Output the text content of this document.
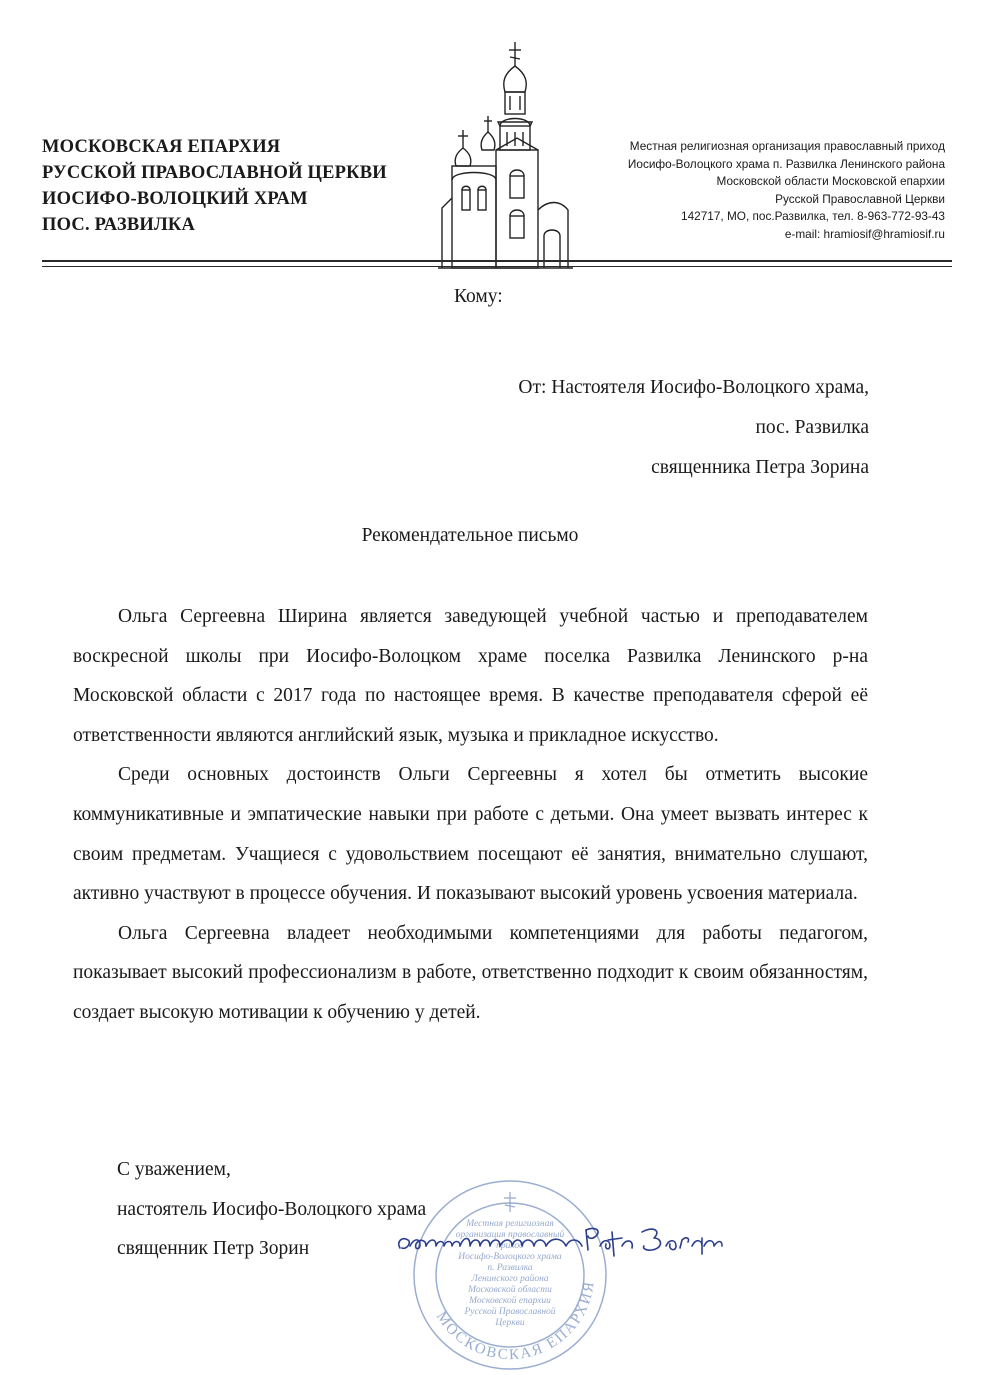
МОСКОВСКАЯ ЕПАРХИЯ
РУССКОЙ ПРАВОСЛАВНОЙ ЦЕРКВИ
ИОСИФО-ВОЛОЦКИЙ ХРАМ
ПОС. РАЗВИЛКА
Местная религиозная организация православный приход
Иосифо-Волоцкого храма п. Развилка Ленинского района
Московской области Московской епархии
Русской Православной Церкви
142717, МО, пос.Развилка, тел. 8-963-772-93-43
e-mail: hramiosif@hramiosif.ru
Кому:
От: Настоятеля Иосифо-Волоцкого храма,
пос. Развилка
священника Петра Зорина
Рекомендательное письмо

Ольга Сергеевна Ширина является заведующей учебной частью и преподавателем воскресной школы при Иосифо-Волоцком храме поселка Развилка Ленинского р-на Московской области с 2017 года по настоящее время. В качестве преподавателя сферой её ответственности являются английский язык, музыка и прикладное искусство.

Среди основных достоинств Ольги Сергеевны я хотел бы отметить высокие коммуникативные и эмпатические навыки при работе с детьми. Она умеет вызвать интерес к своим предметам. Учащиеся с удовольствием посещают её занятия, внимательно слушают, активно участвуют в процессе обучения. И показывают высокий уровень усвоения материала.

Ольга Сергеевна владеет необходимыми компетенциями для работы педагогом, показывает высокий профессионализм в работе, ответственно подходит к своим обязанностям, создает высокую мотивации к обучению у детей.

С уважением,
настоятель Иосифо-Волоцкого храма
священник Петр Зорин
МОСКОВСКАЯ ЕПАРХИЯ
Местная религиозная
организация православный
приход
Иосифо-Волоцкого храма
п. Развилка
Ленинского района
Московской области
Московской епархии
Русской Православной
Церкви
